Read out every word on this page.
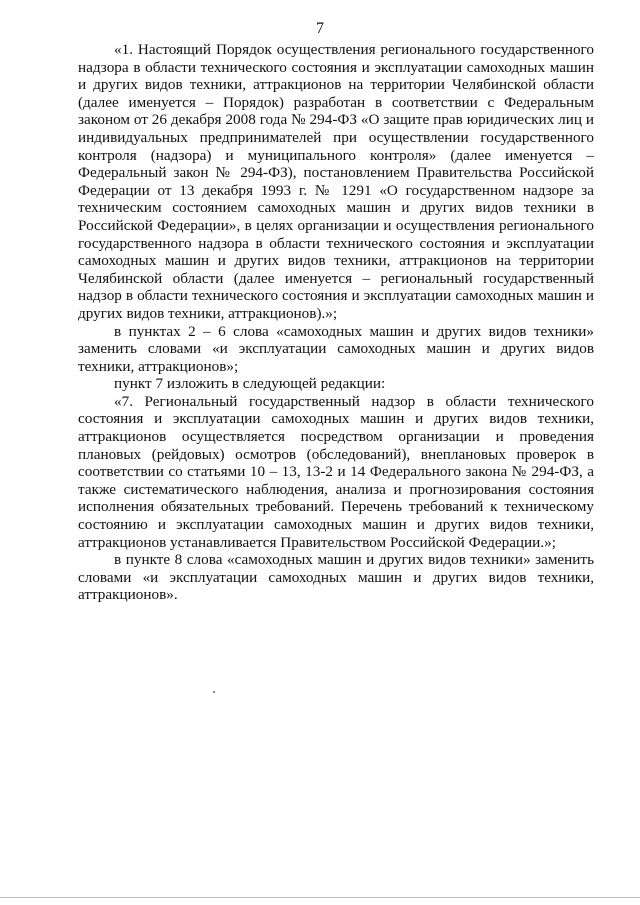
7

«1. Настоящий Порядок осуществления регионального государственного надзора в области технического состояния и эксплуатации самоходных машин и других видов техники, аттракционов на территории Челябинской области (далее именуется – Порядок) разработан в соответствии с Федеральным законом от 26 декабря 2008 года № 294-ФЗ «О защите прав юридических лиц и индивидуальных предпринимателей при осуществлении государственного контроля (надзора) и муниципального контроля» (далее именуется – Федеральный закон № 294-ФЗ), постановлением Правительства Российской Федерации от 13 декабря 1993 г. № 1291 «О государственном надзоре за техническим состоянием самоходных машин и других видов техники в Российской Федерации», в целях организации и осуществления регионального государственного надзора в области технического состояния и эксплуатации самоходных машин и других видов техники, аттракционов на территории Челябинской области (далее именуется – региональный государственный надзор в области технического состояния и эксплуатации самоходных машин и других видов техники, аттракционов).»;

в пунктах 2 – 6 слова «самоходных машин и других видов техники» заменить словами «и эксплуатации самоходных машин и других видов техники, аттракционов»;

пункт 7 изложить в следующей редакции:

«7. Региональный государственный надзор в области технического состояния и эксплуатации самоходных машин и других видов техники, аттракционов осуществляется посредством организации и проведения плановых (рейдовых) осмотров (обследований), внеплановых проверок в соответствии со статьями 10 – 13, 13-2 и 14 Федерального закона № 294-ФЗ, а также систематического наблюдения, анализа и прогнозирования состояния исполнения обязательных требований. Перечень требований к техническому состоянию и эксплуатации самоходных машин и других видов техники, аттракционов устанавливается Правительством Российской Федерации.»;

в пункте 8 слова «самоходных машин и других видов техники» заменить словами «и эксплуатации самоходных машин и других видов техники, аттракционов».
